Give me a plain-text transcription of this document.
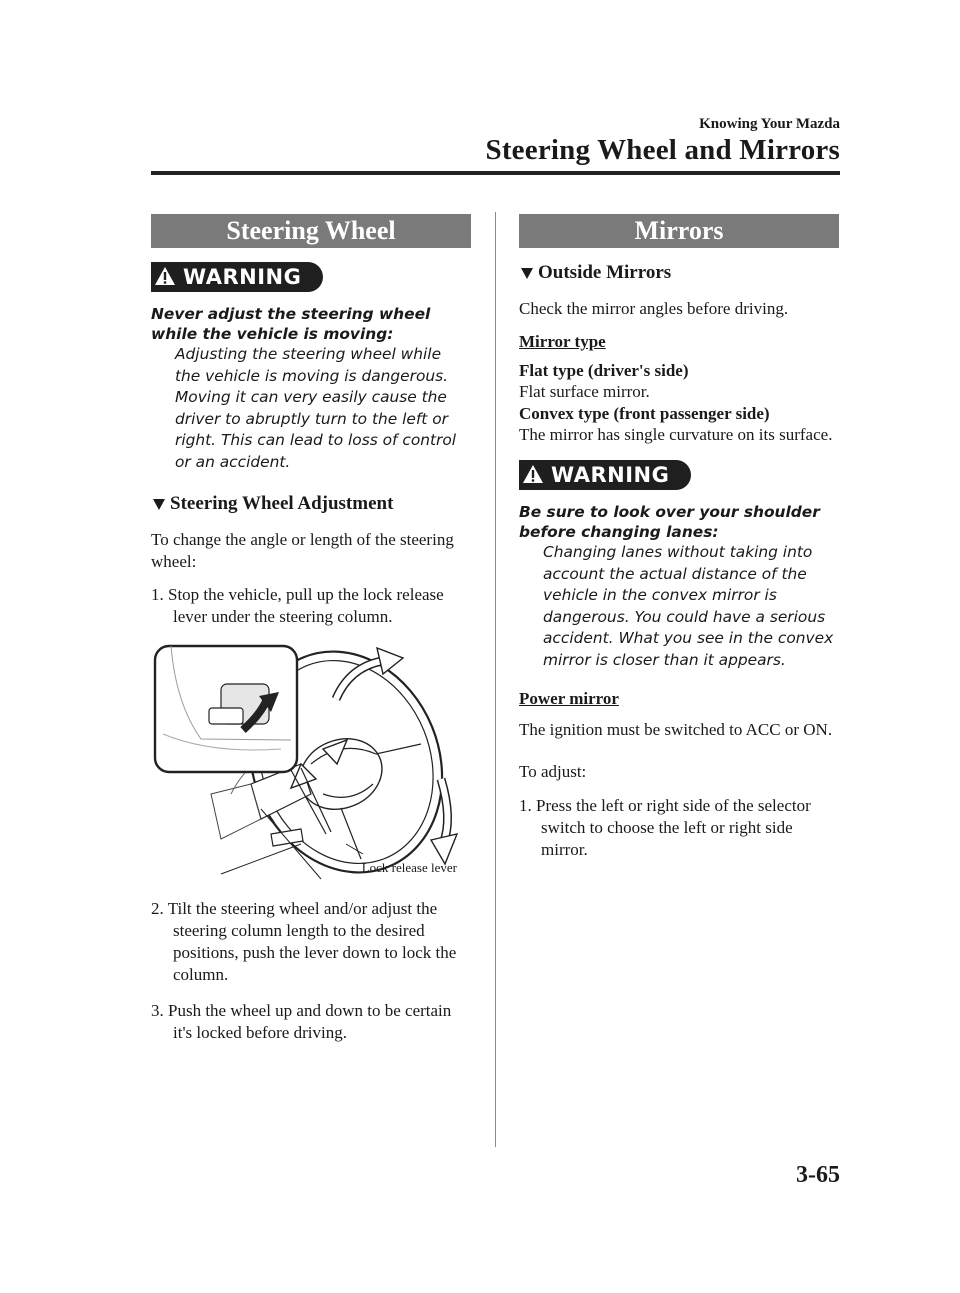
Knowing Your Mazda
Steering Wheel and Mirrors
Steering Wheel
WARNING
Never adjust the steering wheel while the vehicle is moving:
Adjusting the steering wheel while the vehicle is moving is dangerous. Moving it can very easily cause the driver to abruptly turn to the left or right. This can lead to loss of control or an accident.
Steering Wheel Adjustment
To change the angle or length of the steering wheel:
1. Stop the vehicle, pull up the lock release lever under the steering column.
Lock release lever
2. Tilt the steering wheel and/or adjust the steering column length to the desired positions, push the lever down to lock the column.
3. Push the wheel up and down to be certain it's locked before driving.
Mirrors
Outside Mirrors
Check the mirror angles before driving.
Mirror type
Flat type (driver's side)
Flat surface mirror.
Convex type (front passenger side)
The mirror has single curvature on its surface.
WARNING
Be sure to look over your shoulder before changing lanes:
Changing lanes without taking into account the actual distance of the vehicle in the convex mirror is dangerous. You could have a serious accident. What you see in the convex mirror is closer than it appears.
Power mirror
The ignition must be switched to ACC or ON.
To adjust:
1. Press the left or right side of the selector switch to choose the left or right side mirror.
3-65
